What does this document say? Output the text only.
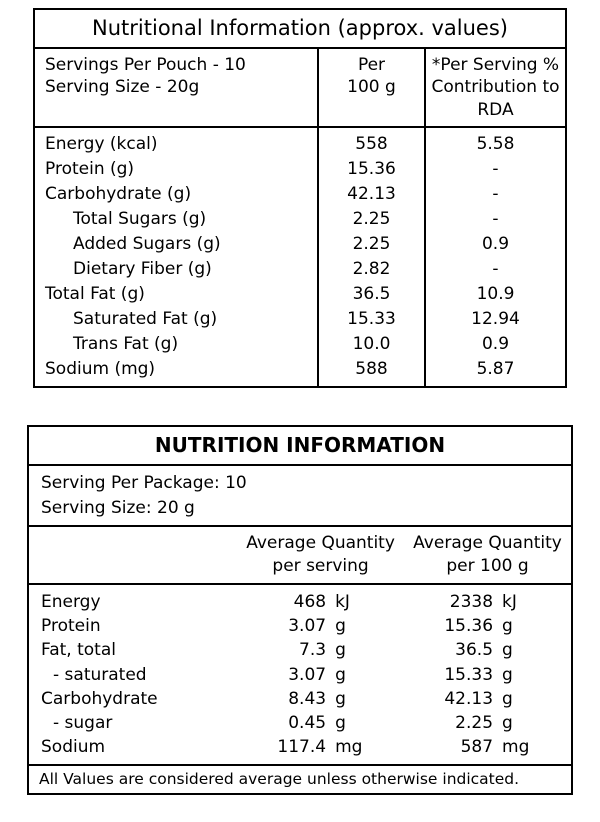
Nutritional Information (approx. values)
Servings Per Pouch - 10
Serving Size - 20g

Per
100 g

*Per Serving %
Contribution to RDA

Energy (kcal)	558	5.58
Protein (g)	15.36	-
Carbohydrate (g)	42.13	-
Total Sugars (g)	2.25	-
Added Sugars (g)	2.25	0.9
Dietary Fiber (g)	2.82	-
Total Fat (g)	36.5	10.9
Saturated Fat (g)	15.33	12.94
Trans Fat (g)	10.0	0.9
Sodium (mg)	588	5.87
NUTRITION INFORMATION
Serving Per Package: 10
Serving Size: 20 g

Average Quantity
per serving

Average Quantity
per 100 g

Energy	468 kJ	2338 kJ

Protein	3.07 g	15.36 g

Fat, total	7.3 g	36.5 g

- saturated	3.07 g	15.33 g

Carbohydrate	8.43 g	42.13 g

- sugar	0.45 g	2.25 g

Sodium	117.4 mg	587 mg
All Values are considered average unless otherwise indicated.
